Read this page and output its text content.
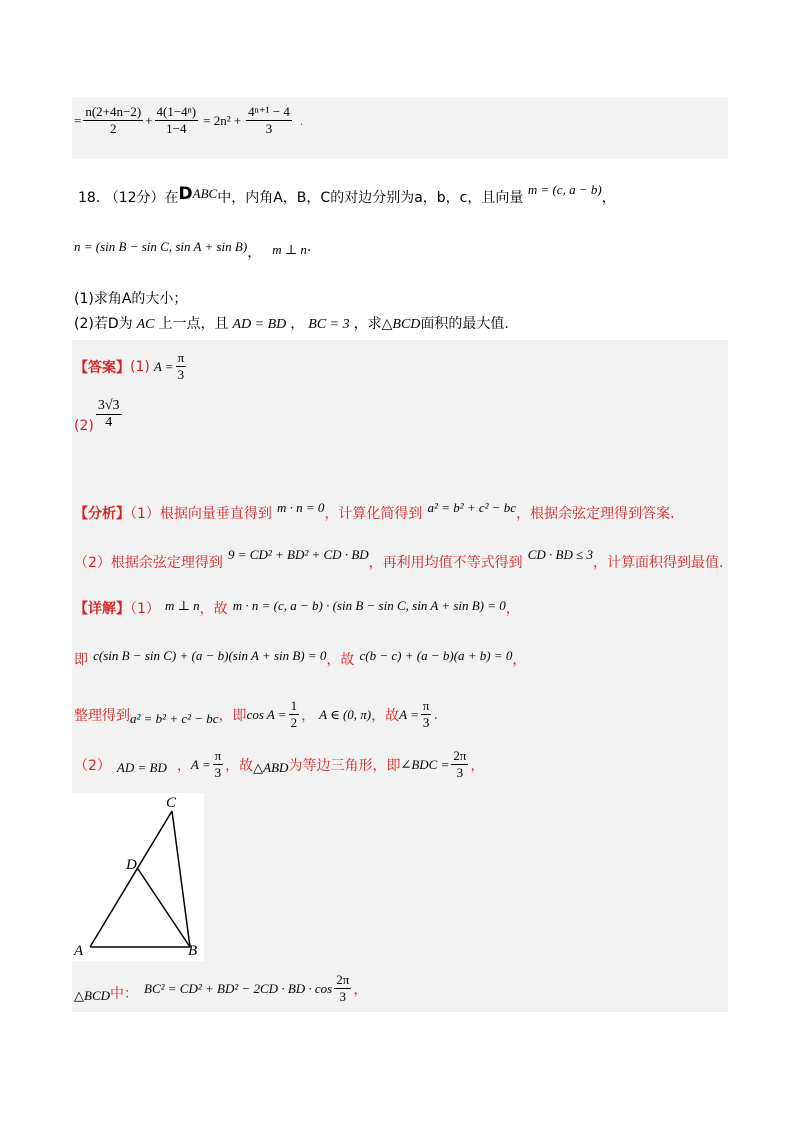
= $\frac{n(2+4n-2)}{2} + \frac{\text{4(1−4ⁿ)}}{1-4} = 2n^2 + \frac{\text{4ⁿ⁺¹ − 4}}{3}$ .
18. （12分）在DABC中，内角A，B，C的对边分别为a，b，c，且向量 m = (c, a − b)，
n = (sin B − sin C, sin A + sin B)， m ⊥ n.
(1)求角A的大小；
(2)若D为 AC 上一点，且 AD = BD ， BC = 3 ，求△BCD面积的最大值.
【答案】 (1) $A = \frac{\pi}{3}$
$(2) \frac{3√3}{4}$
【分析】（1）根据向量垂直得到 $^{m \cdot n = 0}$，计算化简得到 $^{a^2 = b^2 + c^2 - bc}$，根据余弦定理得到答案.
（2）根据余弦定理得到 $^{9 = CD^2 + BD^2 + CD \cdot BD}$，再利用均值不等式得到 $^{CD \cdot BD \le 3}$，计算面积得到最值.
【详解】（1） m ⊥ n，故 m · n = (c, a − b) · (sin B − sin C, sin A + sin B) = 0，
即 $^{c(sin B - sin C) + (a - b)(sin A + sin B) = 0}$，故 $^{c(b - c) + (a - b)(a + b) = 0}$，
整理得到 a² = b² + c² − bc ，即 $\cos A = \frac{1}{2}$ ， A ∈ (0, π) ，故 $A = \frac{\pi}{3}$ .
（2） AD = BD ， $A = \frac{\pi}{3}$ ，故 △ABD 为等边三角形，即 ∠BDC = $\frac{2\pi}{3}$ ，
A	B
C
D
△BCD 中： BC² = CD² + BD² − 2CD · BD · $\cos \frac{2\pi}{3}$ ，
